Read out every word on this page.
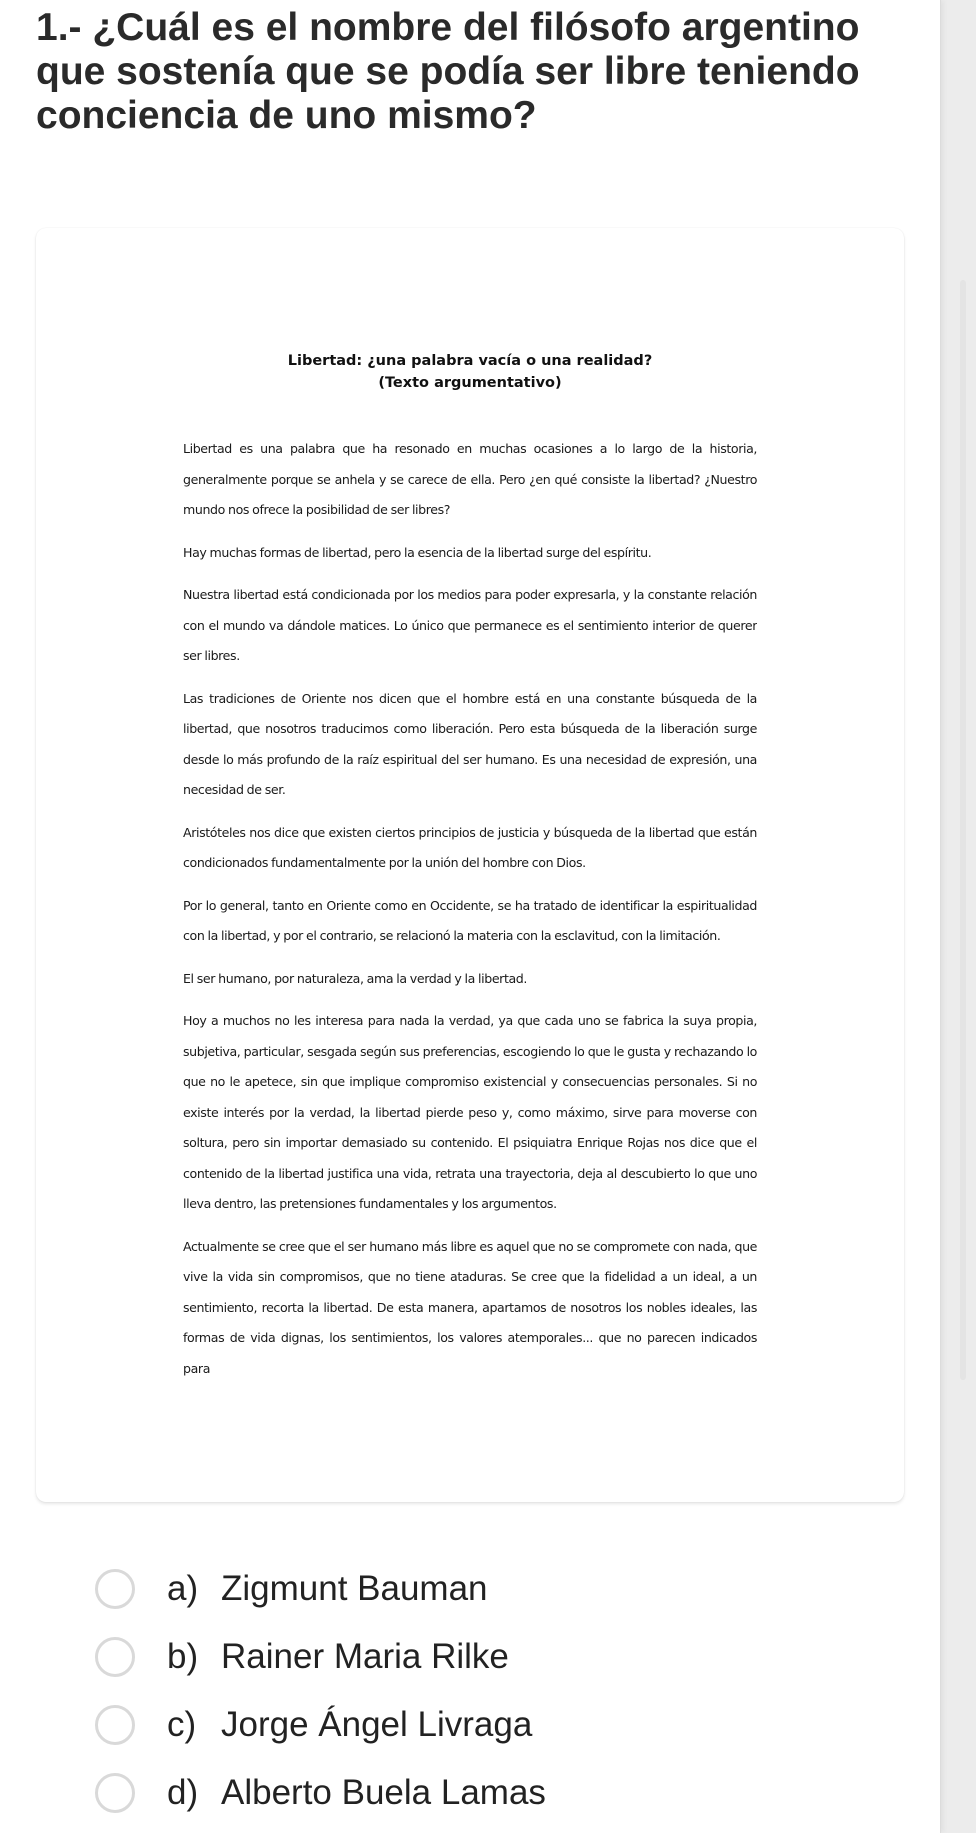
1.- ¿Cuál es el nombre del filósofo argentino que sostenía que se podía ser libre teniendo conciencia de uno mismo?
Libertad: ¿una palabra vacía o una realidad?
(Texto argumentativo)

Libertad es una palabra que ha resonado en muchas ocasiones a lo largo de la historia, generalmente porque se anhela y se carece de ella. Pero ¿en qué consiste la libertad? ¿Nuestro mundo nos ofrece la posibilidad de ser libres?

Hay muchas formas de libertad, pero la esencia de la libertad surge del espíritu.

Nuestra libertad está condicionada por los medios para poder expresarla, y la constante relación con el mundo va dándole matices. Lo único que permanece es el sentimiento interior de querer ser libres.

Las tradiciones de Oriente nos dicen que el hombre está en una constante búsqueda de la libertad, que nosotros traducimos como liberación. Pero esta búsqueda de la liberación surge desde lo más profundo de la raíz espiritual del ser humano. Es una necesidad de expresión, una necesidad de ser.

Aristóteles nos dice que existen ciertos principios de justicia y búsqueda de la libertad que están condicionados fundamentalmente por la unión del hombre con Dios.

Por lo general, tanto en Oriente como en Occidente, se ha tratado de identificar la espiritualidad con la libertad, y por el contrario, se relacionó la materia con la esclavitud, con la limitación.

El ser humano, por naturaleza, ama la verdad y la libertad.

Hoy a muchos no les interesa para nada la verdad, ya que cada uno se fabrica la suya propia, subjetiva, particular, sesgada según sus preferencias, escogiendo lo que le gusta y rechazando lo que no le apetece, sin que implique compromiso existencial y consecuencias personales. Si no existe interés por la verdad, la libertad pierde peso y, como máximo, sirve para moverse con soltura, pero sin importar demasiado su contenido. El psiquiatra Enrique Rojas nos dice que el contenido de la libertad justifica una vida, retrata una trayectoria, deja al descubierto lo que uno lleva dentro, las pretensiones fundamentales y los argumentos.

Actualmente se cree que el ser humano más libre es aquel que no se compromete con nada, que vive la vida sin compromisos, que no tiene ataduras. Se cree que la fidelidad a un ideal, a un sentimiento, recorta la libertad. De esta manera, apartamos de nosotros los nobles ideales, las formas de vida dignas, los sentimientos, los valores atemporales... que no parecen indicados para

a) Zigmunt Bauman
b) Rainer Maria Rilke
c) Jorge Ángel Livraga
d) Alberto Buela Lamas
